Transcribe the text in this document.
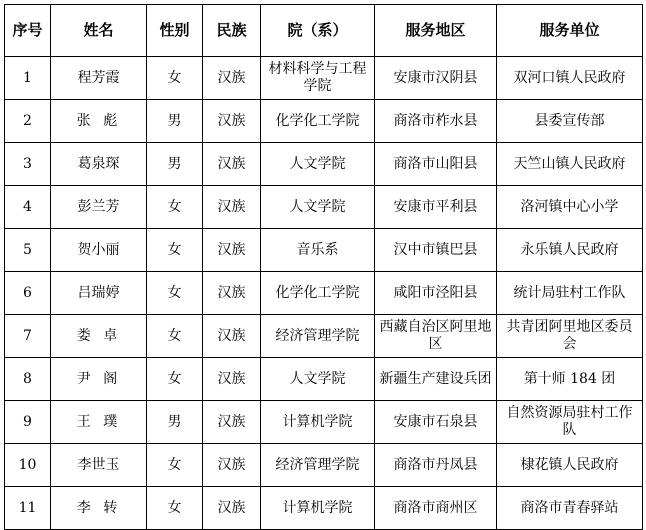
序号	姓名	性别	民族	院（系）	服务地区	服务单位
1	程芳霞	女	汉族	材料科学与工程学院	安康市汉阴县	双河口镇人民政府
2	张彪	男	汉族	化学化工学院	商洛市柞水县	县委宣传部
3	葛泉琛	男	汉族	人文学院	商洛市山阳县	天竺山镇人民政府
4	彭兰芳	女	汉族	人文学院	安康市平利县	洛河镇中心小学
5	贺小丽	女	汉族	音乐系	汉中市镇巴县	永乐镇人民政府
6	吕瑞婷	女	汉族	化学化工学院	咸阳市泾阳县	统计局驻村工作队
7	娄卓	女	汉族	经济管理学院	西藏自治区阿里地区	共青团阿里地区委员会
8	尹阁	女	汉族	人文学院	新疆生产建设兵团	第十师 184 团
9	王璞	男	汉族	计算机学院	安康市石泉县	自然资源局驻村工作队
10	李世玉	女	汉族	经济管理学院	商洛市丹凤县	棣花镇人民政府
11	李转	女	汉族	计算机学院	商洛市商州区	商洛市青春驿站
